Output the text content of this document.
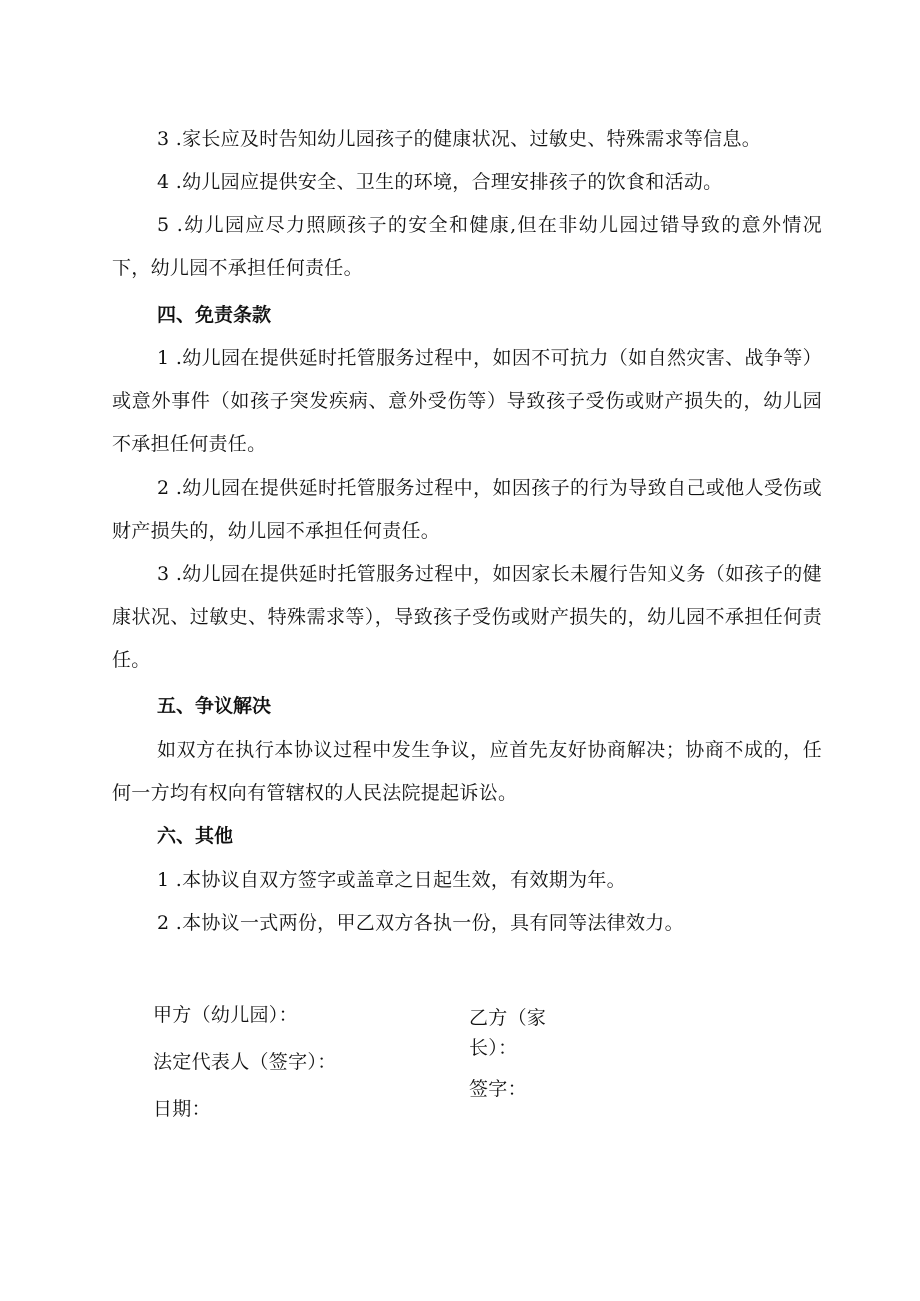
3 .家长应及时告知幼儿园孩子的健康状况、过敏史、特殊需求等信息。

4 .幼儿园应提供安全、卫生的环境，合理安排孩子的饮食和活动。

5 .幼儿园应尽力照顾孩子的安全和健康,但在非幼儿园过错导致的意外情况下，幼儿园不承担任何责任。

四、免责条款

1 .幼儿园在提供延时托管服务过程中，如因不可抗力（如自然灾害、战争等）或意外事件（如孩子突发疾病、意外受伤等）导致孩子受伤或财产损失的，幼儿园不承担任何责任。

2 .幼儿园在提供延时托管服务过程中，如因孩子的行为导致自己或他人受伤或财产损失的，幼儿园不承担任何责任。

3 .幼儿园在提供延时托管服务过程中，如因家长未履行告知义务（如孩子的健康状况、过敏史、特殊需求等），导致孩子受伤或财产损失的，幼儿园不承担任何责任。

五、争议解决

如双方在执行本协议过程中发生争议，应首先友好协商解决；协商不成的，任何一方均有权向有管辖权的人民法院提起诉讼。

六、其他

1 .本协议自双方签字或盖章之日起生效，有效期为年。

2 .本协议一式两份，甲乙双方各执一份，具有同等法律效力。

甲方（幼儿园）：

法定代表人（签字）：

日期：

乙方（家长）：

签字：
